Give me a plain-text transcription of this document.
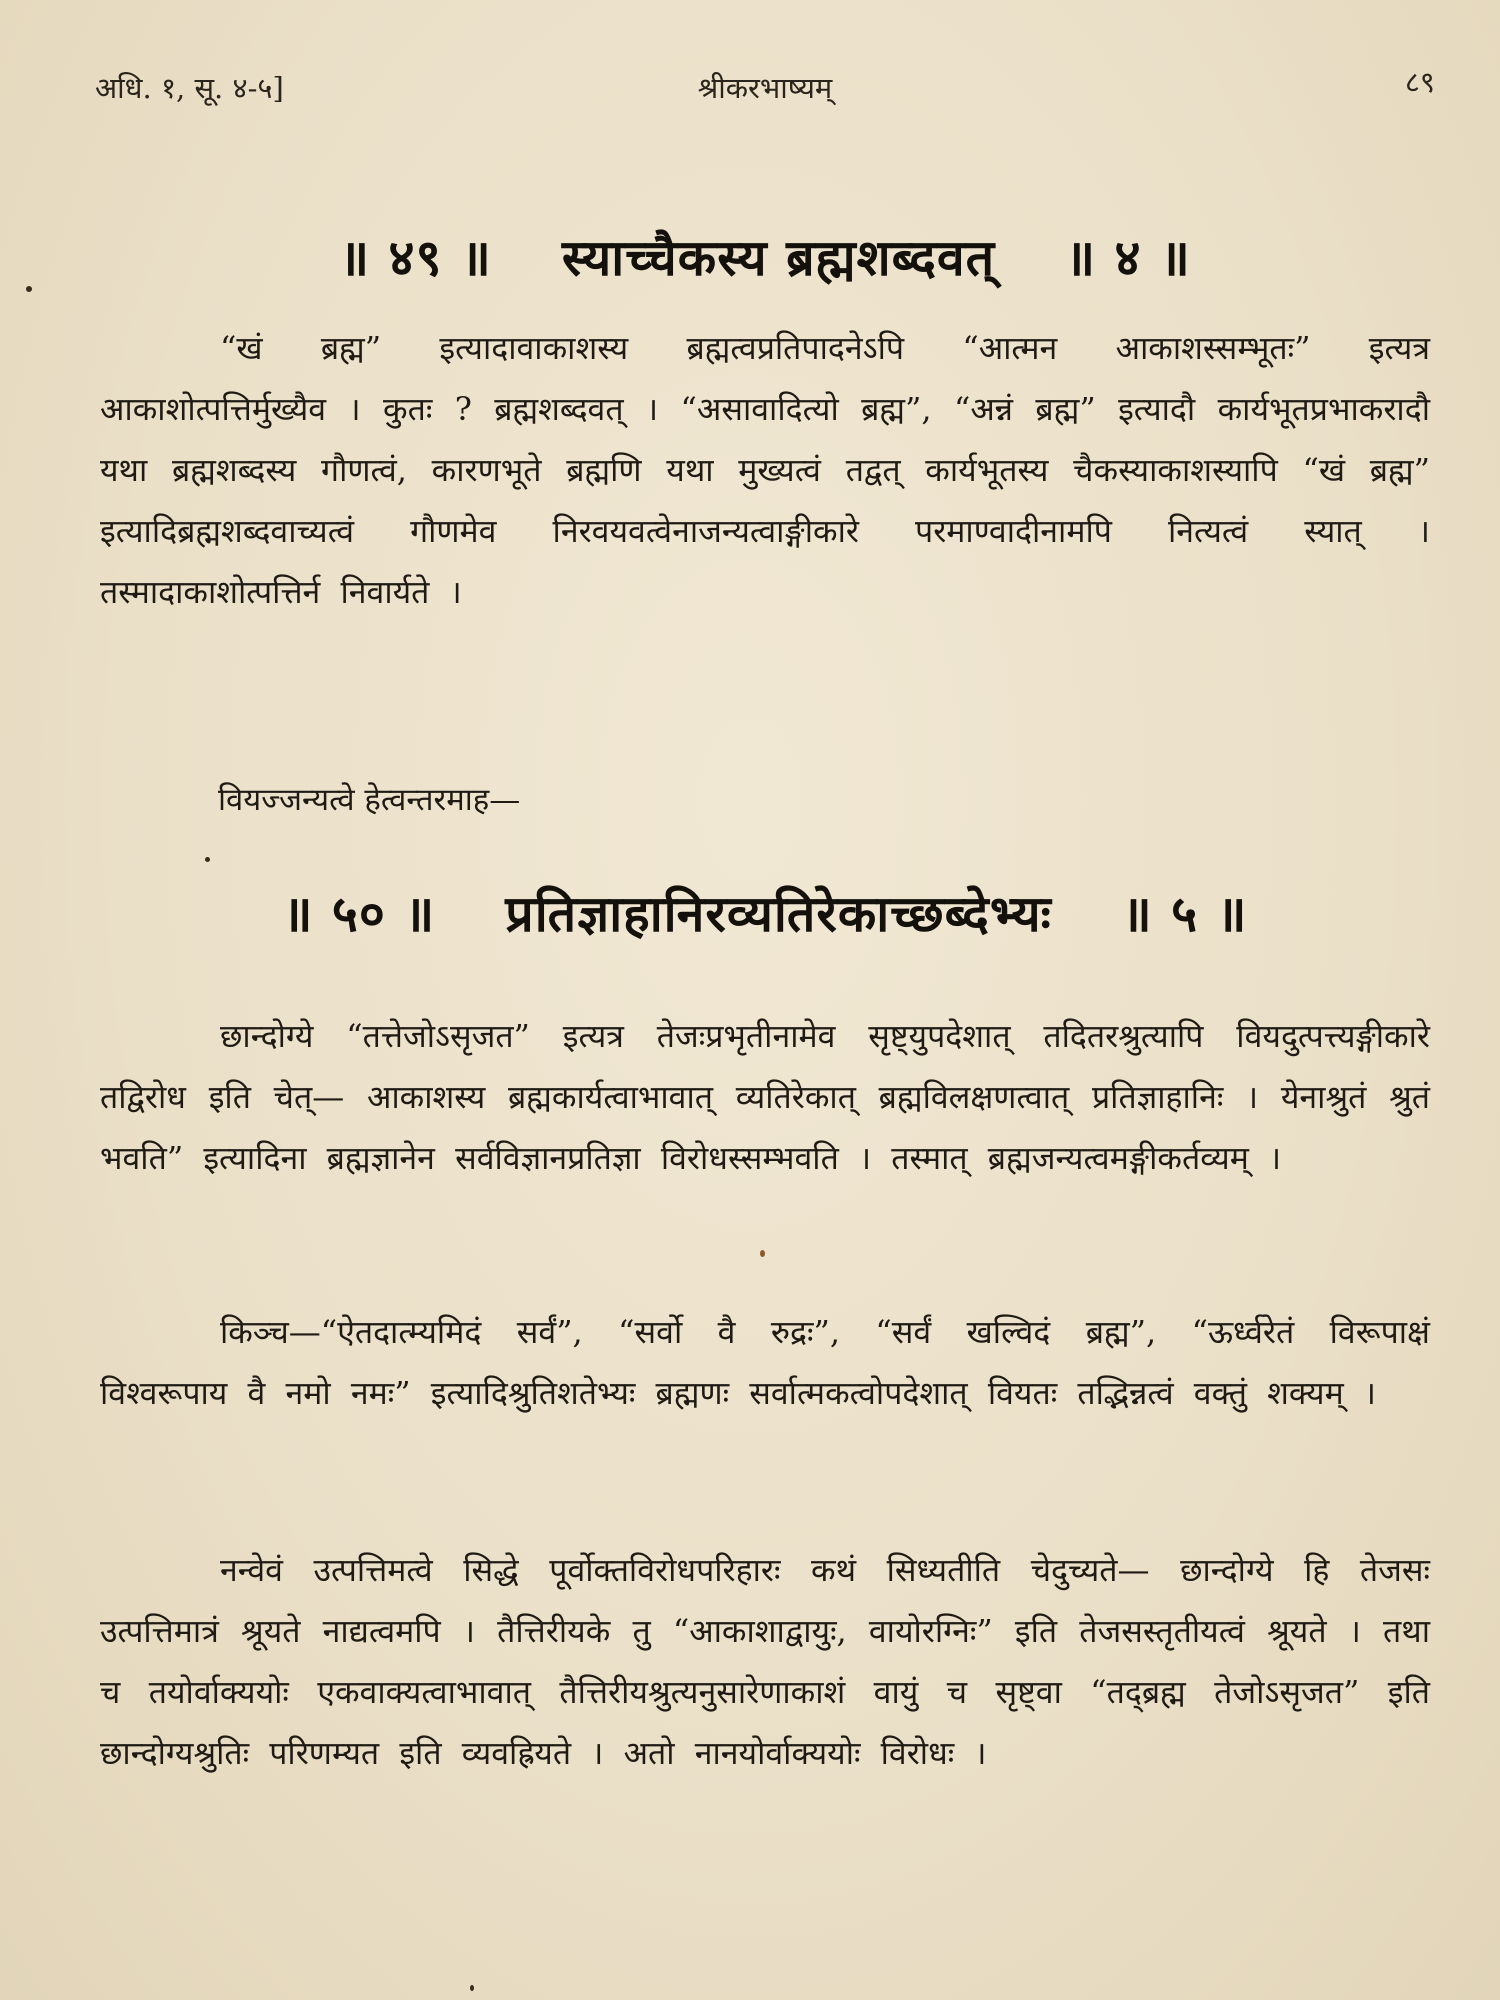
अधि. १, सू. ४-५]	श्रीकरभाष्यम्	८९
॥ ४९ ॥ स्याच्चैकस्य ब्रह्मशब्दवत् ॥ ४ ॥

“खं ब्रह्म” इत्यादावाकाशस्य ब्रह्मत्वप्रतिपादनेऽपि “आत्मन आकाशस्सम्भूतः” इत्यत्र आकाशोत्पत्तिर्मुख्यैव । कुतः ? ब्रह्मशब्दवत् । “असावादित्यो ब्रह्म”, “अन्नं ब्रह्म” इत्यादौ कार्यभूतप्रभाकरादौ यथा ब्रह्मशब्दस्य गौणत्वं, कारणभूते ब्रह्मणि यथा मुख्यत्वं तद्वत् कार्यभूतस्य चैकस्याकाशस्यापि “खं ब्रह्म” इत्यादिब्रह्मशब्दवाच्यत्वं गौणमेव निरवयवत्वेनाजन्यत्वाङ्गीकारे परमाण्वादीनामपि नित्यत्वं स्यात् । तस्मादाकाशोत्पत्तिर्न निवार्यते ।

वियज्जन्यत्वे हेत्वन्तरमाह—
॥ ५० ॥ प्रतिज्ञाहानिरव्यतिरेकाच्छब्देभ्यः ॥ ५ ॥

छान्दोग्ये “तत्तेजोऽसृजत” इत्यत्र तेजःप्रभृतीनामेव सृष्ट्युपदेशात् तदितरश्रुत्यापि वियदुत्पत्त्यङ्गीकारे तद्विरोध इति चेत्— आकाशस्य ब्रह्मकार्यत्वाभावात् व्यतिरेकात् ब्रह्मविलक्षणत्वात् प्रतिज्ञाहानिः । येनाश्रुतं श्रुतं भवति” इत्यादिना ब्रह्मज्ञानेन सर्वविज्ञानप्रतिज्ञा विरोधस्सम्भवति । तस्मात् ब्रह्मजन्यत्वमङ्गीकर्तव्यम् ।

किञ्च—“ऐतदात्म्यमिदं सर्वं”, “सर्वो वै रुद्रः”, “सर्वं खल्विदं ब्रह्म”, “ऊर्ध्वरेतं विरूपाक्षं विश्वरूपाय वै नमो नमः” इत्यादिश्रुतिशतेभ्यः ब्रह्मणः सर्वात्मकत्वोपदेशात् वियतः तद्भिन्नत्वं वक्तुं शक्यम् ।

नन्वेवं उत्पत्तिमत्वे सिद्धे पूर्वोक्तविरोधपरिहारः कथं सिध्यतीति चेदुच्यते— छान्दोग्ये हि तेजसः उत्पत्तिमात्रं श्रूयते नाद्यत्वमपि । तैत्तिरीयके तु “आकाशाद्वायुः, वायोरग्निः” इति तेजसस्तृतीयत्वं श्रूयते । तथा च तयोर्वाक्ययोः एकवाक्यत्वाभावात् तैत्तिरीयश्रुत्यनुसारेणाकाशं वायुं च सृष्ट्वा “तद्ब्रह्म तेजोऽसृजत” इति छान्दोग्यश्रुतिः परिणम्यत इति व्यवह्रियते । अतो नानयोर्वाक्ययोः विरोधः ।
